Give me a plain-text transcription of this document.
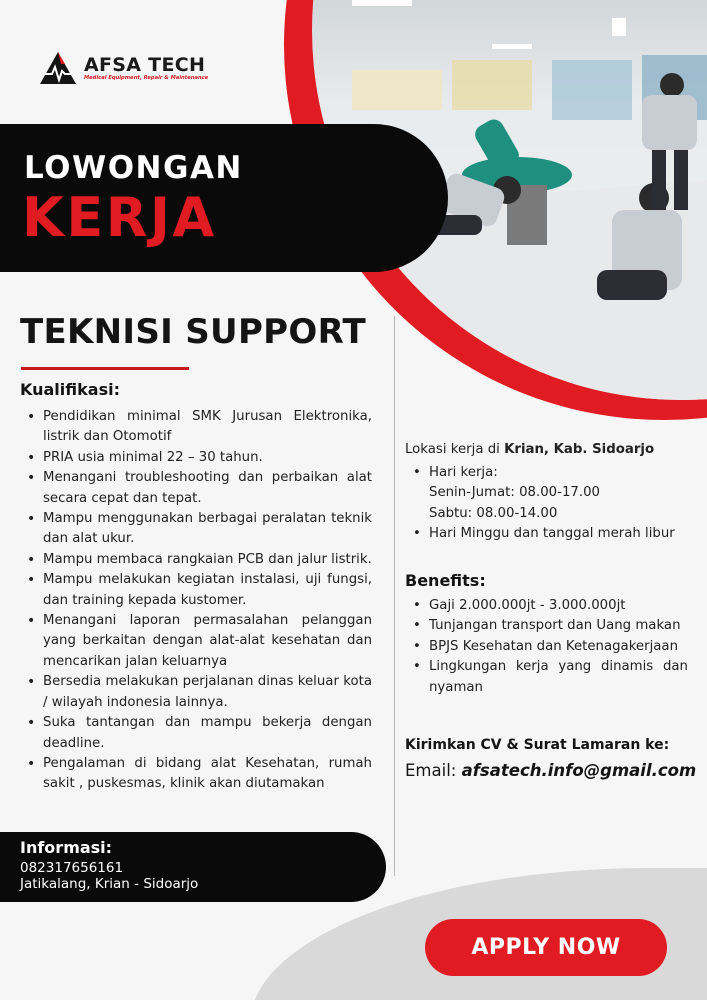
AFSA TECH
Medical Equipment, Repair & Maintenance
LOWONGAN
KERJA
TEKNISI SUPPORT
Kualifikasi:
• Pendidikan minimal SMK Jurusan Elektronika, listrik dan Otomotif
• PRIA usia minimal 22 – 30 tahun.
• Menangani troubleshooting dan perbaikan alat secara cepat dan tepat.
• Mampu menggunakan berbagai peralatan teknik dan alat ukur.
• Mampu membaca rangkaian PCB dan jalur listrik.
• Mampu melakukan kegiatan instalasi, uji fungsi, dan training kepada kustomer.
• Menangani laporan permasalahan pelanggan yang berkaitan dengan alat-alat kesehatan dan mencarikan jalan keluarnya
• Bersedia melakukan perjalanan dinas keluar kota / wilayah indonesia lainnya.
• Suka tantangan dan mampu bekerja dengan deadline.
• Pengalaman di bidang alat Kesehatan, rumah sakit , puskesmas, klinik akan diutamakan
Lokasi kerja di Krian, Kab. Sidoarjo
• Hari kerja:
Senin-Jumat: 08.00-17.00
Sabtu: 08.00-14.00
• Hari Minggu dan tanggal merah libur
Benefits:
• Gaji 2.000.000jt - 3.000.000jt
• Tunjangan transport dan Uang makan
• BPJS Kesehatan dan Ketenagakerjaan
• Lingkungan kerja yang dinamis dan nyaman
Kirimkan CV & Surat Lamaran ke:
Email: afsatech.info@gmail.com
Informasi:
082317656161
Jatikalang, Krian - Sidoarjo
APPLY NOW
